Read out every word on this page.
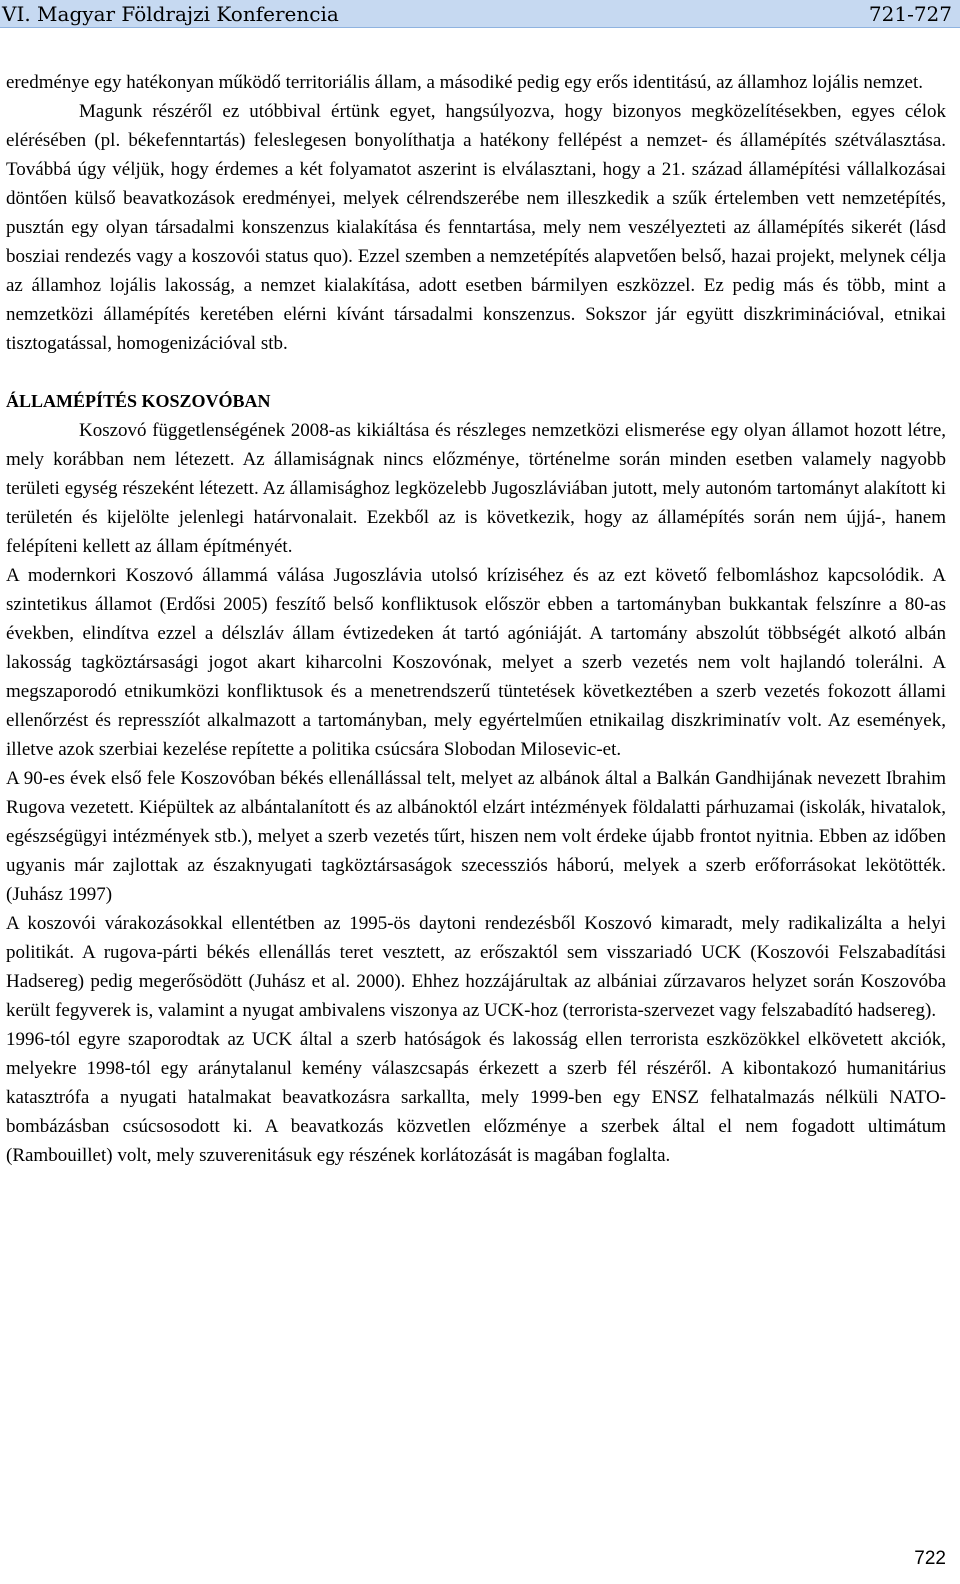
VI. Magyar Földrajzi Konferencia	721-727

eredménye egy hatékonyan működő territoriális állam, a másodiké pedig egy erős identitású, az államhoz lojális nemzet.

Magunk részéről ez utóbbival értünk egyet, hangsúlyozva, hogy bizonyos megközelítésekben, egyes célok elérésében (pl. békefenntartás) feleslegesen bonyolíthatja a hatékony fellépést a nemzet- és államépítés szétválasztása. Továbbá úgy véljük, hogy érdemes a két folyamatot aszerint is elválasztani, hogy a 21. század államépítési vállalkozásai döntően külső beavatkozások eredményei, melyek célrendszerébe nem illeszkedik a szűk értelemben vett nemzetépítés, pusztán egy olyan társadalmi konszenzus kialakítása és fenntartása, mely nem veszélyezteti az államépítés sikerét (lásd bosziai rendezés vagy a koszovói status quo). Ezzel szemben a nemzetépítés alapvetően belső, hazai projekt, melynek célja az államhoz lojális lakosság, a nemzet kialakítása, adott esetben bármilyen eszközzel. Ez pedig más és több, mint a nemzetközi államépítés keretében elérni kívánt társadalmi konszenzus. Sokszor jár együtt diszkriminációval, etnikai tisztogatással, homogenizációval stb.

ÁLLAMÉPÍTÉS KOSZOVÓBAN

Koszovó függetlenségének 2008-as kikiáltása és részleges nemzetközi elismerése egy olyan államot hozott létre, mely korábban nem létezett. Az államiságnak nincs előzménye, történelme során minden esetben valamely nagyobb területi egység részeként létezett. Az államisághoz legközelebb Jugoszláviában jutott, mely autonóm tartományt alakított ki területén és kijelölte jelenlegi határvonalait. Ezekből az is következik, hogy az államépítés során nem újjá-, hanem felépíteni kellett az állam építményét.

A modernkori Koszovó állammá válása Jugoszlávia utolsó kríziséhez és az ezt követő felbomláshoz kapcsolódik. A szintetikus államot (Erdősi 2005) feszítő belső konfliktusok először ebben a tartományban bukkantak felszínre a 80-as években, elindítva ezzel a délszláv állam évtizedeken át tartó agóniáját. A tartomány abszolút többségét alkotó albán lakosság tagköztársasági jogot akart kiharcolni Koszovónak, melyet a szerb vezetés nem volt hajlandó tolerálni. A megszaporodó etnikumközi konfliktusok és a menetrendszerű tüntetések következtében a szerb vezetés fokozott állami ellenőrzést és represszíót alkalmazott a tartományban, mely egyértelműen etnikailag diszkriminatív volt. Az események, illetve azok szerbiai kezelése repítette a politika csúcsára Slobodan Milosevic-et.

A 90-es évek első fele Koszovóban békés ellenállással telt, melyet az albánok által a Balkán Gandhijának nevezett Ibrahim Rugova vezetett. Kiépültek az albántalanított és az albánoktól elzárt intézmények földalatti párhuzamai (iskolák, hivatalok, egészségügyi intézmények stb.), melyet a szerb vezetés tűrt, hiszen nem volt érdeke újabb frontot nyitnia. Ebben az időben ugyanis már zajlottak az északnyugati tagköztársaságok szecessziós háború, melyek a szerb erőforrásokat lekötötték. (Juhász 1997)

A koszovói várakozásokkal ellentétben az 1995-ös daytoni rendezésből Koszovó kimaradt, mely radikalizálta a helyi politikát. A rugova-párti békés ellenállás teret vesztett, az erőszaktól sem visszariadó UCK (Koszovói Felszabadítási Hadsereg) pedig megerősödött (Juhász et al. 2000). Ehhez hozzájárultak az albániai zűrzavaros helyzet során Koszovóba került fegyverek is, valamint a nyugat ambivalens viszonya az UCK-hoz (terrorista-szervezet vagy felszabadító hadsereg).

1996-tól egyre szaporodtak az UCK által a szerb hatóságok és lakosság ellen terrorista eszközökkel elkövetett akciók, melyekre 1998-tól egy aránytalanul kemény válaszcsapás érkezett a szerb fél részéről. A kibontakozó humanitárius katasztrófa a nyugati hatalmakat beavatkozásra sarkallta, mely 1999-ben egy ENSZ felhatalmazás nélküli NATO-bombázásban csúcsosodott ki. A beavatkozás közvetlen előzménye a szerbek által el nem fogadott ultimátum (Rambouillet) volt, mely szuverenitásuk egy részének korlátozását is magában foglalta.

722
